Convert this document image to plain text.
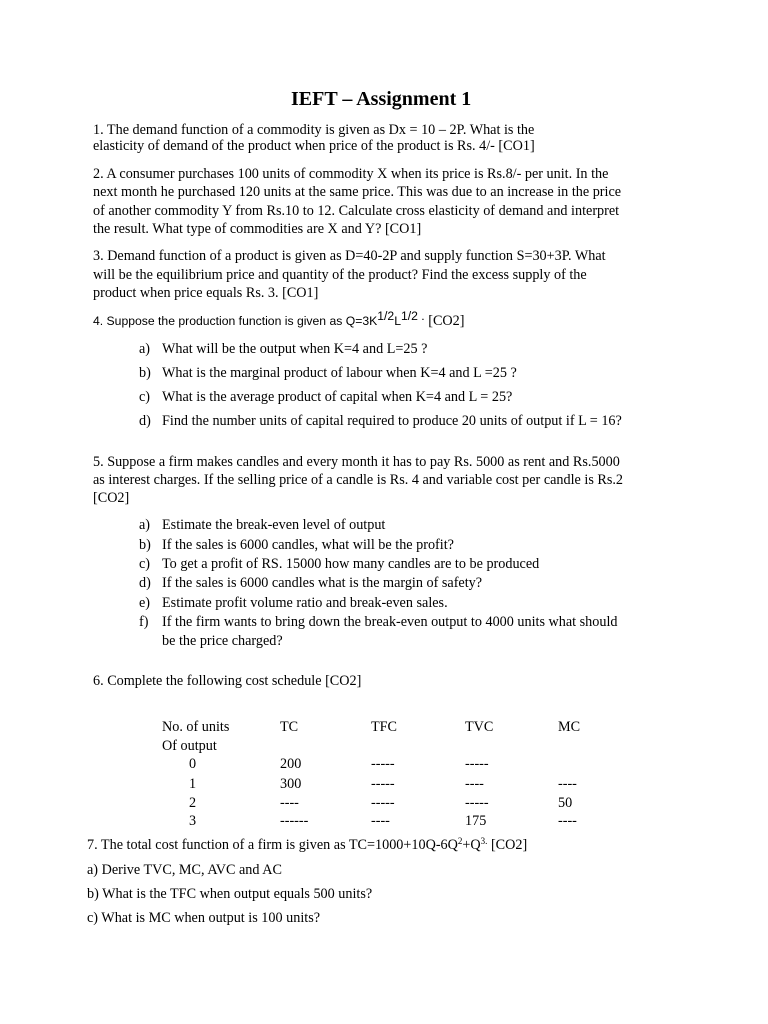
IEFT – Assignment 1
1. The demand function of a commodity is given as Dx = 10 – 2P. What is the
elasticity of demand of the product when price of the product is Rs. 4/- [CO1]
2. A consumer purchases 100 units of commodity X when its price is Rs.8/- per unit. In the
next month he purchased 120 units at the same price. This was due to an increase in the price
of another commodity Y from Rs.10 to 12. Calculate cross elasticity of demand and interpret
the result. What type of commodities are X and Y? [CO1]
3. Demand function of a product is given as D=40-2P and supply function S=30+3P. What
will be the equilibrium price and quantity of the product? Find the excess supply of the
product when price equals Rs. 3. [CO1]
4. Suppose the production function is given as $Q=3K^{1/2}L^{1/2 .}$ [CO2]
a) What will be the output when K=4 and L=25 ?
b) What is the marginal product of labour when K=4 and L =25 ?
c) What is the average product of capital when K=4 and L = 25?
d) Find the number units of capital required to produce 20 units of output if L = 16?
5. Suppose a firm makes candles and every month it has to pay Rs. 5000 as rent and Rs.5000
as interest charges. If the selling price of a candle is Rs. 4 and variable cost per candle is Rs.2
[CO2]
a) Estimate the break-even level of output
b) If the sales is 6000 candles, what will be the profit?
c) To get a profit of RS. 15000 how many candles are to be produced
d) If the sales is 6000 candles what is the margin of safety?
e) Estimate profit volume ratio and break-even sales.
f) If the firm wants to bring down the break-even output to 4000 units what should
be the price charged?
6. Complete the following cost schedule [CO2]
No. of units	TC	TFC	TVC	MC
Of output
0	200	-----	-----
1	300	-----	----	----
2	----	-----	-----	50
3	------	----	175	----
7. The total cost function of a firm is given as $TC=1000+10Q-6Q^2+Q^{3.}$ [CO2]
a) Derive TVC, MC, AVC and AC
b) What is the TFC when output equals 500 units?
c) What is MC when output is 100 units?
